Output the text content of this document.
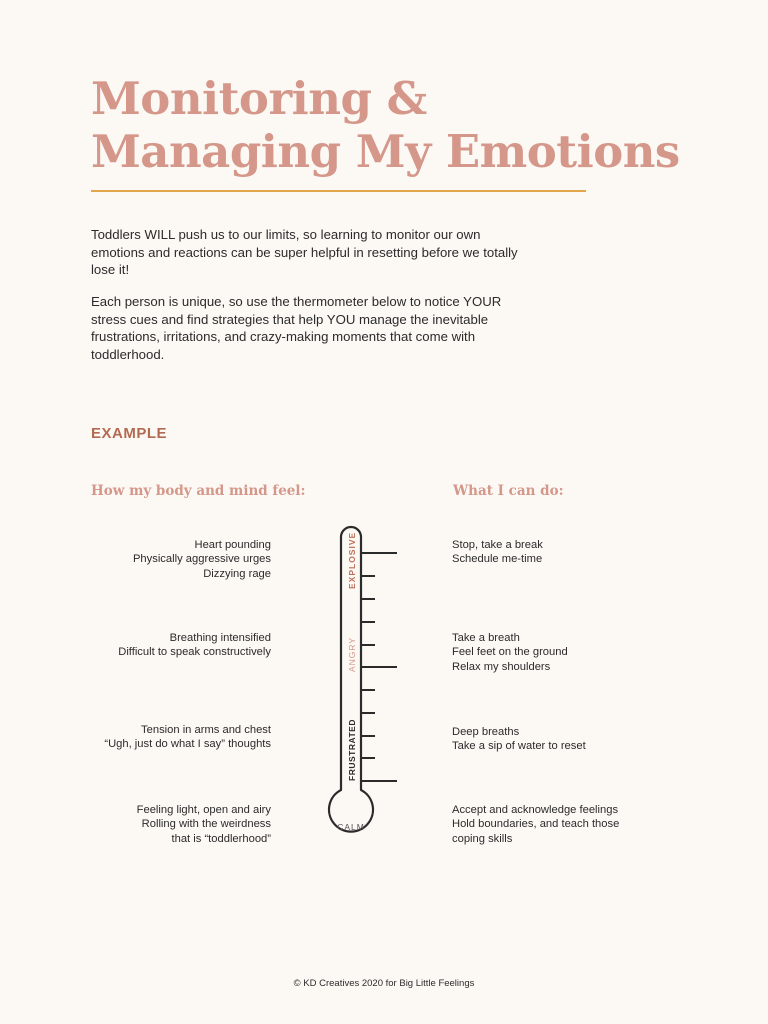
Monitoring &
Managing My Emotions

Toddlers WILL push us to our limits, so learning to monitor our own emotions and reactions can be super helpful in resetting before we totally lose it!

Each person is unique, so use the thermometer below to notice YOUR stress cues and find strategies that help YOU manage the inevitable frustrations, irritations, and crazy-making moments that come with toddlerhood.

EXAMPLE
How my body and mind feel:	What I can do:
Heart pounding
Physically aggressive urges
Dizzying rage
Breathing intensified
Difficult to speak constructively
Tension in arms and chest
“Ugh, just do what I say” thoughts
Feeling light, open and airy
Rolling with the weirdness
that is “toddlerhood”
Stop, take a break
Schedule me-time
Take a breath
Feel feet on the ground
Relax my shoulders
Deep breaths
Take a sip of water to reset
Accept and acknowledge feelings
Hold boundaries, and teach those
coping skills
EXPLOSIVE
ANGRY
FRUSTRATED
CALM
© KD Creatives 2020 for Big Little Feelings
